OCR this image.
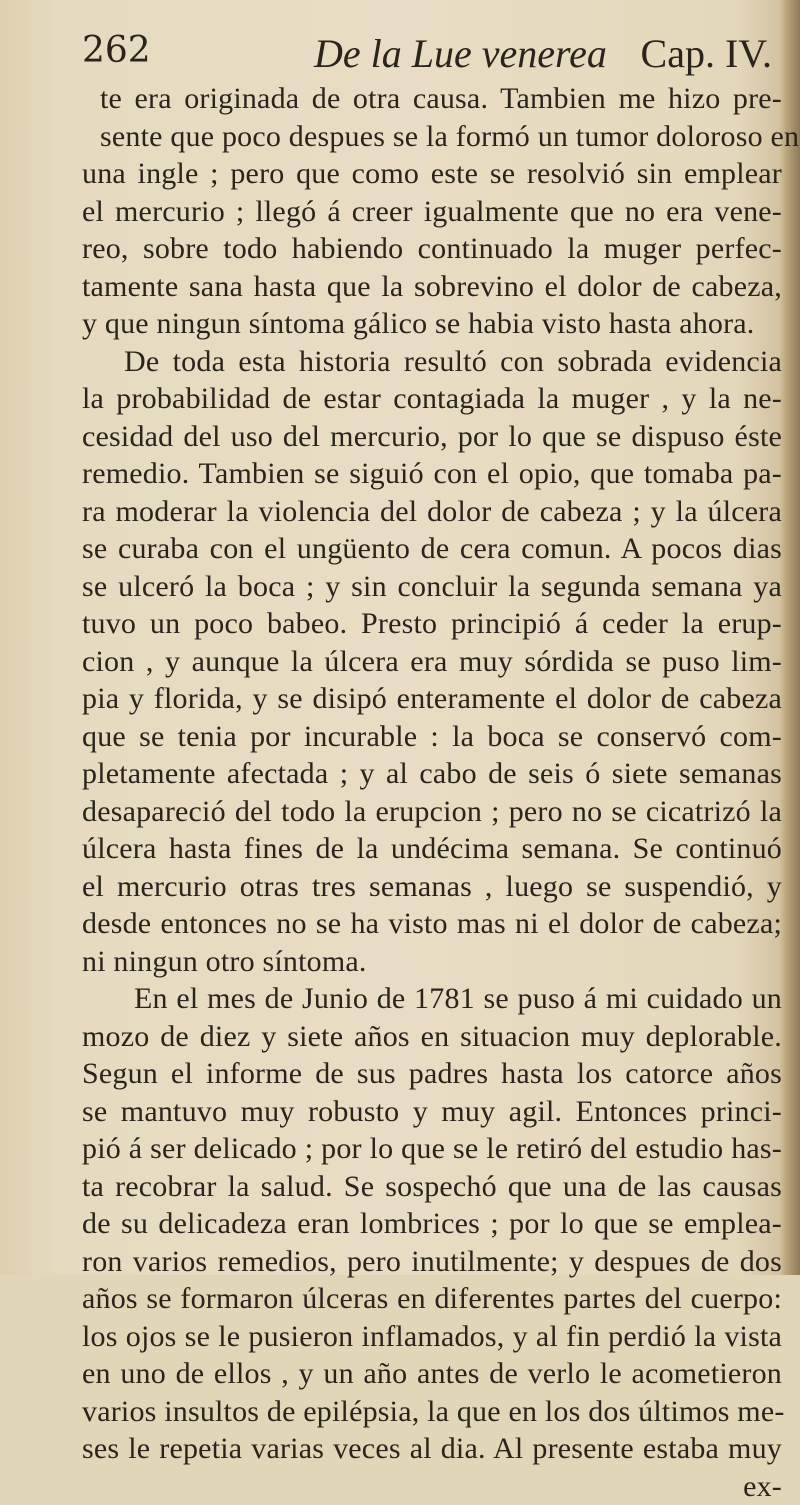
262	De la Lue venerea Cap. IV.
te era originada de otra causa. Tambien me hizo pre-
sente que poco despues se la formó un tumor doloroso en
una ingle ; pero que como este se resolvió sin emplear
el mercurio ; llegó á creer igualmente que no era vene-
reo, sobre todo habiendo continuado la muger perfec-
tamente sana hasta que la sobrevino el dolor de cabeza,
y que ningun síntoma gálico se habia visto hasta ahora.
De toda esta historia resultó con sobrada evidencia
la probabilidad de estar contagiada la muger , y la ne-
cesidad del uso del mercurio, por lo que se dispuso éste
remedio. Tambien se siguió con el opio, que tomaba pa-
ra moderar la violencia del dolor de cabeza ; y la úlcera
se curaba con el ungüento de cera comun. A pocos dias
se ulceró la boca ; y sin concluir la segunda semana ya
tuvo un poco babeo. Presto principió á ceder la erup-
cion , y aunque la úlcera era muy sórdida se puso lim-
pia y florida, y se disipó enteramente el dolor de cabeza
que se tenia por incurable : la boca se conservó com-
pletamente afectada ; y al cabo de seis ó siete semanas
desapareció del todo la erupcion ; pero no se cicatrizó la
úlcera hasta fines de la undécima semana. Se continuó
el mercurio otras tres semanas , luego se suspendió, y
desde entonces no se ha visto mas ni el dolor de cabeza;
ni ningun otro síntoma.
En el mes de Junio de 1781 se puso á mi cuidado un
mozo de diez y siete años en situacion muy deplorable.
Segun el informe de sus padres hasta los catorce años
se mantuvo muy robusto y muy agil. Entonces princi-
pió á ser delicado ; por lo que se le retiró del estudio has-
ta recobrar la salud. Se sospechó que una de las causas
de su delicadeza eran lombrices ; por lo que se emplea-
ron varios remedios, pero inutilmente; y despues de dos
años se formaron úlceras en diferentes partes del cuerpo:
los ojos se le pusieron inflamados, y al fin perdió la vista
en uno de ellos , y un año antes de verlo le acometieron
varios insultos de epilépsia, la que en los dos últimos me-
ses le repetia varias veces al dia. Al presente estaba muy
ex-
